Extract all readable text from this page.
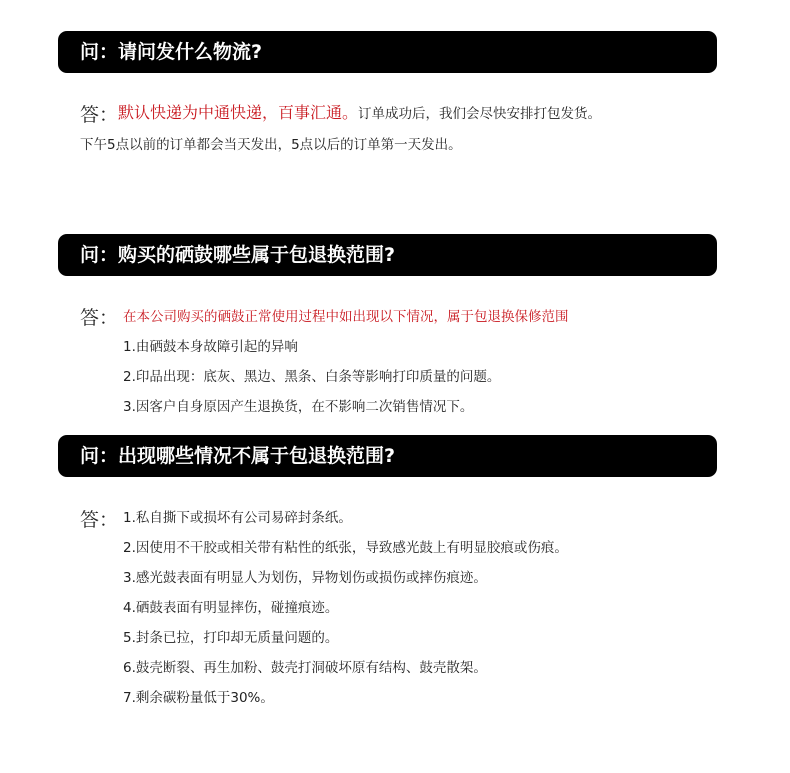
问：请问发什么物流?
答： 默认快递为中通快递，百事汇通。订单成功后，我们会尽快安排打包发货。
下午5点以前的订单都会当天发出，5点以后的订单第一天发出。
问：购买的硒鼓哪些属于包退换范围?
答： 在本公司购买的硒鼓正常使用过程中如出现以下情况，属于包退换保修范围
1.由硒鼓本身故障引起的异响
2.印品出现：底灰、黑边、黑条、白条等影响打印质量的问题。
3.因客户自身原因产生退换货，在不影响二次销售情况下。
问：出现哪些情况不属于包退换范围?
答： 1.私自撕下或损坏有公司易碎封条纸。
2.因使用不干胶或相关带有粘性的纸张，导致感光鼓上有明显胶痕或伤痕。
3.感光鼓表面有明显人为划伤，异物划伤或损伤或摔伤痕迹。
4.硒鼓表面有明显摔伤，碰撞痕迹。
5.封条已拉，打印却无质量问题的。
6.鼓壳断裂、再生加粉、鼓壳打洞破坏原有结构、鼓壳散架。
7.剩余碳粉量低于30%。
